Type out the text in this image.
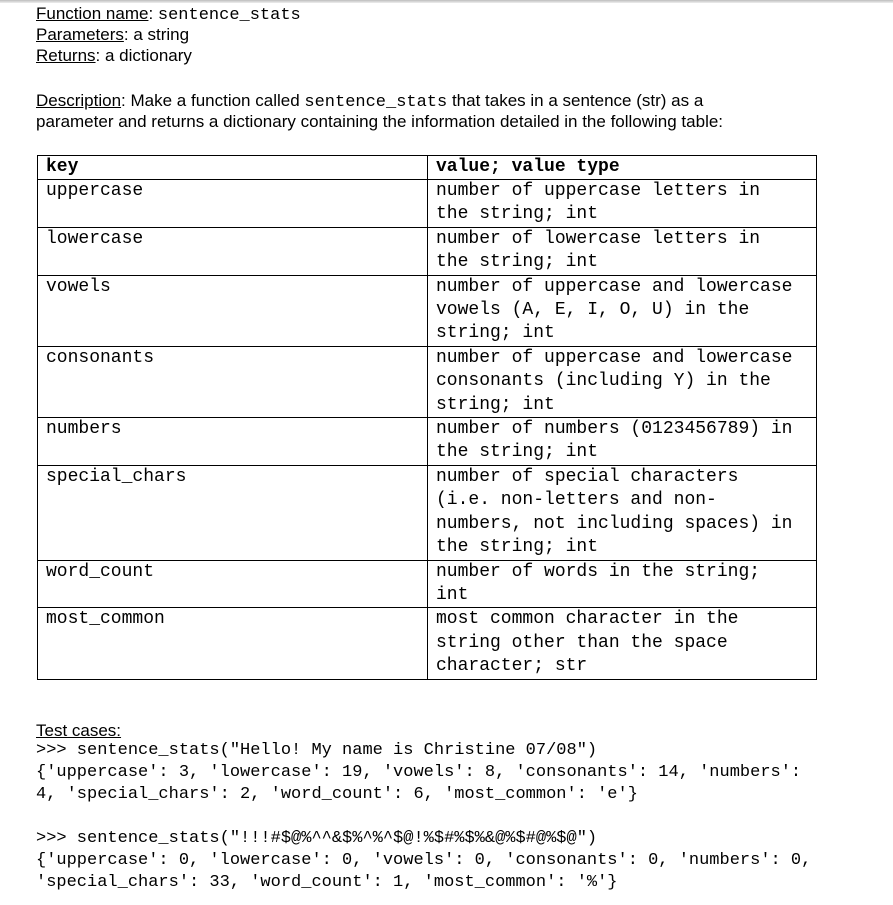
Function name: sentence_stats
Parameters: a string
Returns: a dictionary
Description: Make a function called sentence_stats that takes in a sentence (str) as a
parameter and returns a dictionary containing the information detailed in the following table:
key	value; value type
uppercase	number of uppercase letters in
the string; int

lowercase	number of lowercase letters in
the string; int

vowels	number of uppercase and lowercase
vowels (A, E, I, O, U) in the
string; int

consonants	number of uppercase and lowercase
consonants (including Y) in the
string; int

numbers	number of numbers (0123456789) in
the string; int

special_chars	number of special characters
(i.e. non-letters and non-
numbers, not including spaces) in
the string; int

word_count	number of words in the string;
int

most_common	most common character in the
string other than the space
character; str
Test cases:
>>> sentence_stats("Hello! My name is Christine 07/08")
{'uppercase': 3, 'lowercase': 19, 'vowels': 8, 'consonants': 14, 'numbers':
4, 'special_chars': 2, 'word_count': 6, 'most_common': 'e'}
>>> sentence_stats("!!!#$@%^^&$%^%^$@!%$#%$%&@%$#@%$@")
{'uppercase': 0, 'lowercase': 0, 'vowels': 0, 'consonants': 0, 'numbers': 0,
'special_chars': 33, 'word_count': 1, 'most_common': '%'}
